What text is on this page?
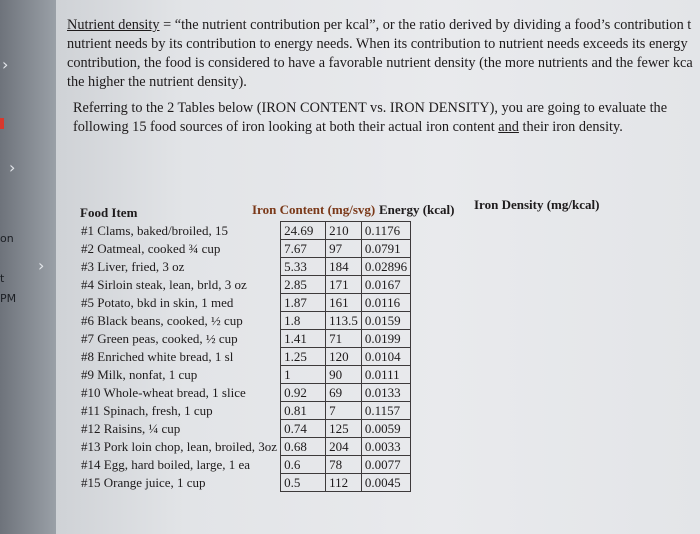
›
›
on
›
t
PM
Nutrient density = “the nutrient contribution per kcal”, or the ratio derived by dividing a food’s contribution t
nutrient needs by its contribution to energy needs. When its contribution to nutrient needs exceeds its energy
contribution, the food is considered to have a favorable nutrient density (the more nutrients and the fewer kca
the higher the nutrient density).
Referring to the 2 Tables below (IRON CONTENT vs. IRON DENSITY), you are going to evaluate the
following 15 food sources of iron looking at both their actual iron content and their iron density.
Food Item	Iron Content (mg/svg) Energy (kcal) Iron Density (mg/kcal)
#1 Clams, baked/broiled, 15	24.69	210	0.1176
#2 Oatmeal, cooked ¾ cup	7.67	97	0.0791
#3 Liver, fried, 3 oz	5.33	184	0.02896
#4 Sirloin steak, lean, brld, 3 oz	2.85	171	0.0167
#5 Potato, bkd in skin, 1 med	1.87	161	0.0116
#6 Black beans, cooked, ½ cup	1.8	113.5	0.0159
#7 Green peas, cooked, ½ cup	1.41	71	0.0199
#8 Enriched white bread, 1 sl	1.25	120	0.0104
#9 Milk, nonfat, 1 cup	1	90	0.0111
#10 Whole-wheat bread, 1 slice	0.92	69	0.0133
#11 Spinach, fresh, 1 cup	0.81	7	0.1157
#12 Raisins, ¼ cup	0.74	125	0.0059
#13 Pork loin chop, lean, broiled, 3oz	0.68	204	0.0033
#14 Egg, hard boiled, large, 1 ea	0.6	78	0.0077
#15 Orange juice, 1 cup	0.5	112	0.0045
